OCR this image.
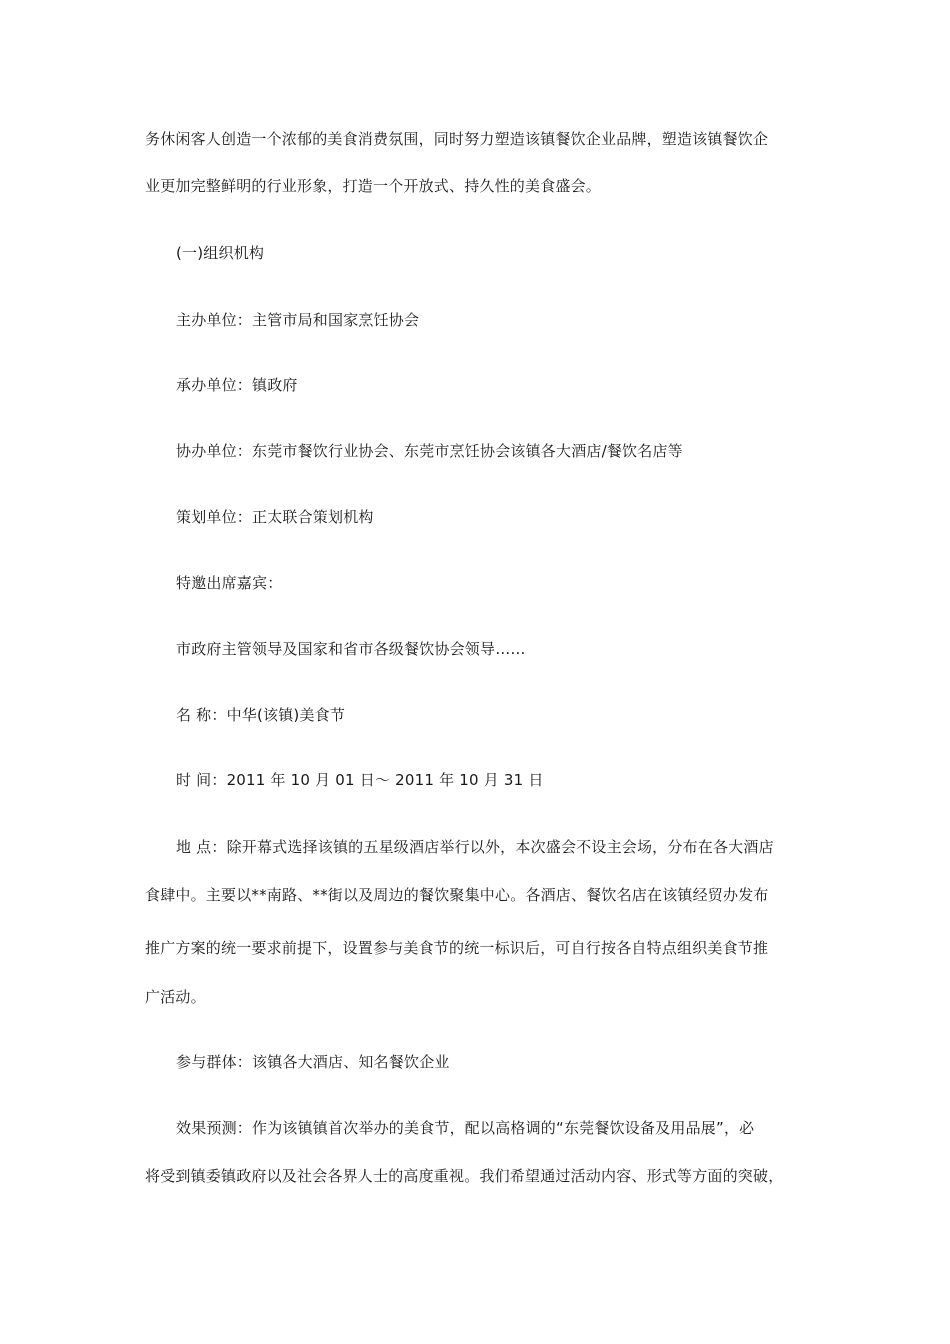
务休闲客人创造一个浓郁的美食消费氛围，同时努力塑造该镇餐饮企业品牌，塑造该镇餐饮企
业更加完整鲜明的行业形象，打造一个开放式、持久性的美食盛会。
(一)组织机构
主办单位：主管市局和国家烹饪协会
承办单位：镇政府
协办单位：东莞市餐饮行业协会、东莞市烹饪协会该镇各大酒店/餐饮名店等
策划单位：正太联合策划机构
特邀出席嘉宾：
市政府主管领导及国家和省市各级餐饮协会领导……
名 称：中华(该镇)美食节
时 间：2011 年 10 月 01 日～ 2011 年 10 月 31 日
地 点：除开幕式选择该镇的五星级酒店举行以外，本次盛会不设主会场，分布在各大酒店
食肆中。主要以**南路、**街以及周边的餐饮聚集中心。各酒店、餐饮名店在该镇经贸办发布
推广方案的统一要求前提下，设置参与美食节的统一标识后，可自行按各自特点组织美食节推
广活动。
参与群体：该镇各大酒店、知名餐饮企业
效果预测：作为该镇镇首次举办的美食节，配以高格调的“东莞餐饮设备及用品展”，必
将受到镇委镇政府以及社会各界人士的高度重视。我们希望通过活动内容、形式等方面的突破，
